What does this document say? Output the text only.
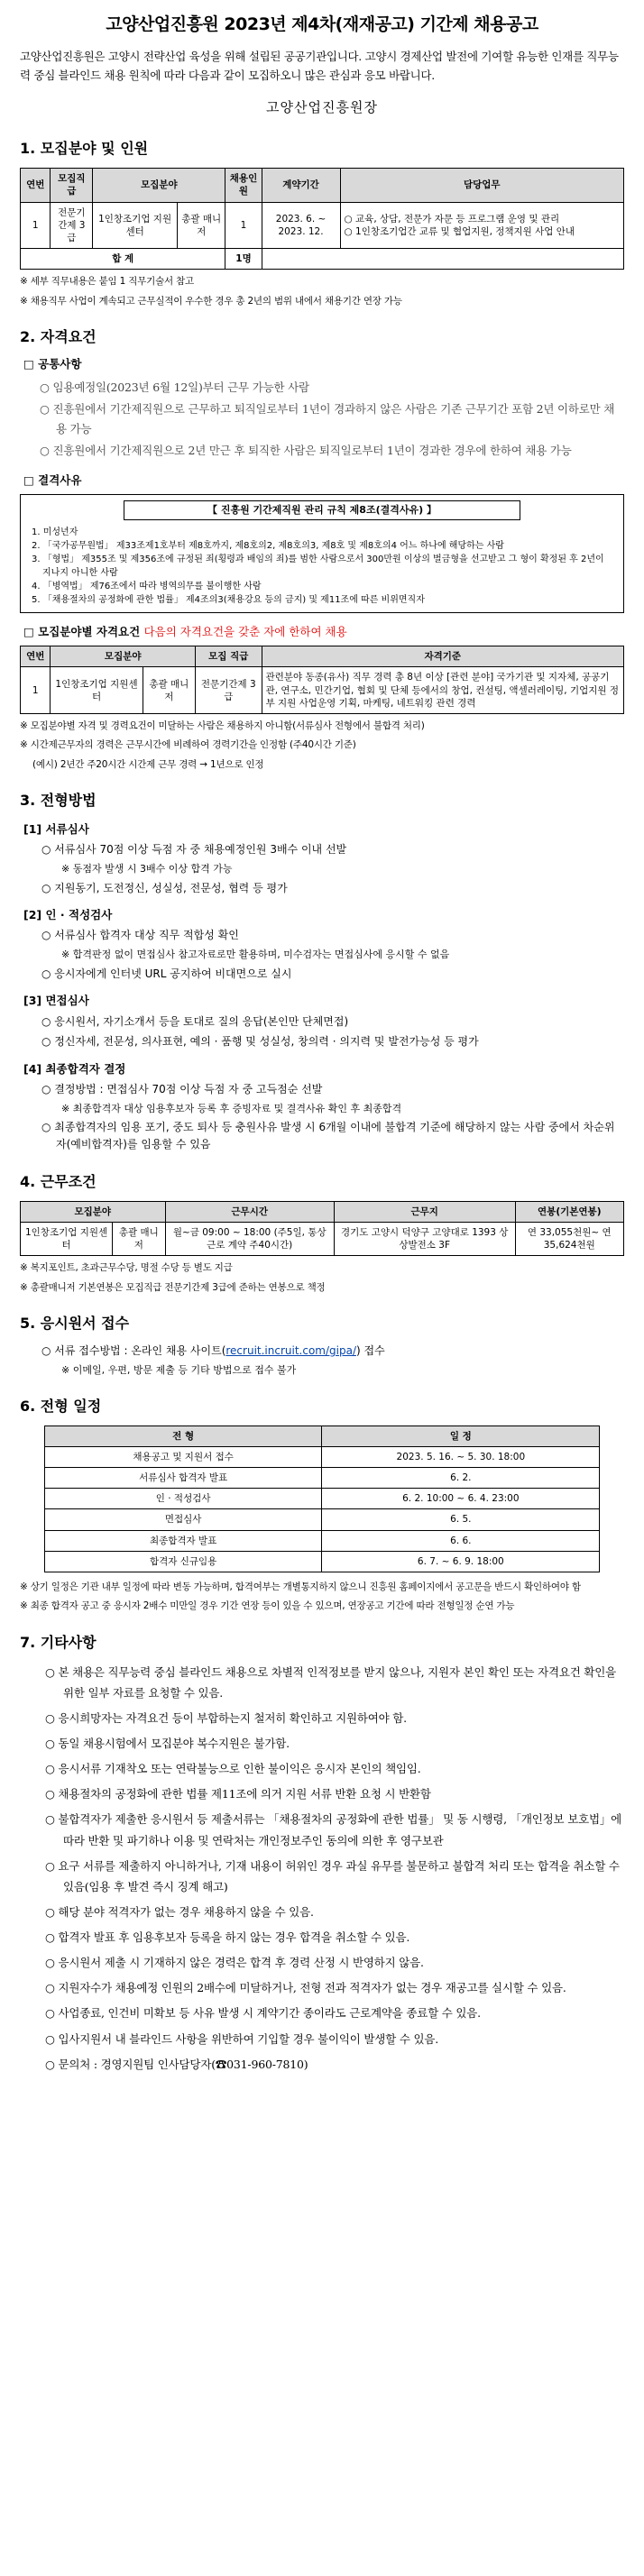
고양산업진흥원 2023년 제4차(재재공고) 기간제 채용공고
고양산업진흥원은 고양시 전략산업 육성을 위해 설립된 공공기관입니다. 고양시 경제산업 발전에 기여할 유능한 인재를 직무능력 중심 블라인드 채용 원칙에 따라 다음과 같이 모집하오니 많은 관심과 응모 바랍니다.
고양산업진흥원장
1. 모집분야 및 인원
연번	모집직급	모집분야		채용인원	계약기간	담당업무
1	전문기간제 3급	1인창조기업 지원센터	총괄 매니저	1	2023. 6. ~ 2023. 12.	○ 교육, 상담, 전문가 자문 등 프로그램 운영 및 관리
○ 1인창조기업간 교류 및 협업지원, 정책지원 사업 안내

합 계				1명		
※ 세부 직무내용은 붙임 1 직무기술서 참고
※ 채용직무 사업이 계속되고 근무실적이 우수한 경우 총 2년의 범위 내에서 채용기간 연장 가능
2. 자격요건
□ 공통사항
○ 임용예정일(2023년 6월 12일)부터 근무 가능한 사람
○ 진흥원에서 기간제직원으로 근무하고 퇴직일로부터 1년이 경과하지 않은 사람은 기존 근무기간 포함 2년 이하로만 채용 가능
○ 진흥원에서 기간제직원으로 2년 만근 후 퇴직한 사람은 퇴직일로부터 1년이 경과한 경우에 한하여 채용 가능
□ 결격사유
【 진흥원 기간제직원 관리 규칙 제8조(결격사유) 】
1. 미성년자
2. 「국가공무원법」 제33조제1호부터 제8호까지, 제8호의2, 제8호의3, 제8호 및 제8호의4 어느 하나에 해당하는 사람
3. 「형법」 제355조 및 제356조에 규정된 죄(횡령과 배임의 죄)를 범한 사람으로서 300만원 이상의 벌금형을 선고받고 그 형이 확정된 후 2년이 지나지 아니한 사람
4. 「병역법」 제76조에서 따라 병역의무를 불이행한 사람
5. 「채용절차의 공정화에 관한 법률」 제4조의3(채용강요 등의 금지) 및 제11조에 따른 비위면직자
□ 모집분야별 자격요건 다음의 자격요건을 갖춘 자에 한하여 채용
연번	모집분야		모집 직급	자격기준
1	1인창조기업 지원센터	총괄 매니저	전문기간제 3급	관련분야 동종(유사) 직무 경력 총 8년 이상 [관련 분야] 국가기관 및 지자체, 공공기관, 연구소, 민간기업, 협회 및 단체 등에서의 창업, 컨설팅, 액셀러레이팅, 기업지원 정부 지원 사업운영 기획, 마케팅, 네트워킹 관련 경력
※ 모집분야별 자격 및 경력요건이 미달하는 사람은 채용하지 아니함(서류심사 전형에서 불합격 처리)
※ 시간제근무자의 경력은 근무시간에 비례하여 경력기간을 인정함 (주40시간 기준)
(예시) 2년간 주20시간 시간제 근무 경력 → 1년으로 인정
3. 전형방법
[1] 서류심사
○ 서류심사 70점 이상 득점 자 중 채용예정인원 3배수 이내 선발
※ 동점자 발생 시 3배수 이상 합격 가능
○ 지원동기, 도전정신, 성실성, 전문성, 협력 등 평가
[2] 인 · 적성검사
○ 서류심사 합격자 대상 직무 적합성 확인
※ 합격판정 없이 면접심사 참고자료로만 활용하며, 미수검자는 면접심사에 응시할 수 없음
○ 응시자에게 인터넷 URL 공지하여 비대면으로 실시
[3] 면접심사
○ 응시원서, 자기소개서 등을 토대로 질의 응답(본인만 단체면접)
○ 정신자세, 전문성, 의사표현, 예의 · 품행 및 성실성, 창의력 · 의지력 및 발전가능성 등 평가
[4] 최종합격자 결정
○ 결정방법 : 면접심사 70점 이상 득점 자 중 고득점순 선발
※ 최종합격자 대상 임용후보자 등록 후 증빙자료 및 결격사유 확인 후 최종합격
○ 최종합격자의 임용 포기, 중도 퇴사 등 충원사유 발생 시 6개월 이내에 불합격 기준에 해당하지 않는 사람 중에서 차순위자(예비합격자)를 임용할 수 있음
4. 근무조건
모집분야		근무시간	근무지	연봉(기본연봉)
1인창조기업 지원센터	총괄 매니저	월~금 09:00 ~ 18:00 (주5일, 통상근로 계약 주40시간)	경기도 고양시 덕양구 고양대로 1393 상상발전소 3F	연 33,055천원~ 연 35,624천원
※ 복지포인트, 초과근무수당, 명절 수당 등 별도 지급
※ 총괄매니저 기본연봉은 모집직급 전문기간제 3급에 준하는 연봉으로 책정
5. 응시원서 접수
○ 서류 접수방법 : 온라인 채용 사이트(recruit.incruit.com/gipa/) 접수
※ 이메일, 우편, 방문 제출 등 기타 방법으로 접수 불가
6. 전형 일정
전 형	일 정
채용공고 및 지원서 접수	2023. 5. 16. ~ 5. 30. 18:00
서류심사 합격자 발표	6. 2.
인 · 적성검사	6. 2. 10:00 ~ 6. 4. 23:00
면접심사	6. 5.
최종합격자 발표	6. 6.
합격자 신규임용	6. 7. ~ 6. 9. 18:00
※ 상기 일정은 기관 내부 일정에 따라 변동 가능하며, 합격여부는 개별통지하지 않으니 진흥원 홈페이지에서 공고문을 반드시 확인하여야 함
※ 최종 합격자 공고 중 응시자 2배수 미만일 경우 기간 연장 등이 있을 수 있으며, 연장공고 기간에 따라 전형일정 순연 가능
7. 기타사항
○ 본 채용은 직무능력 중심 블라인드 채용으로 차별적 인적정보를 받지 않으나, 지원자 본인 확인 또는 자격요건 확인을 위한 일부 자료를 요청할 수 있음.
○ 응시희망자는 자격요건 등이 부합하는지 철저히 확인하고 지원하여야 함.
○ 동일 채용시험에서 모집분야 복수지원은 불가함.
○ 응시서류 기재착오 또는 연락불능으로 인한 불이익은 응시자 본인의 책임임.
○ 채용절차의 공정화에 관한 법률 제11조에 의거 지원 서류 반환 요청 시 반환함
○ 불합격자가 제출한 응시원서 등 제출서류는 「채용절차의 공정화에 관한 법률」 및 동 시행령, 「개인정보 보호법」에 따라 반환 및 파기하나 이용 및 연락처는 개인정보주인 동의에 의한 후 영구보관
○ 요구 서류를 제출하지 아니하거나, 기재 내용이 허위인 경우 과실 유무를 불문하고 불합격 처리 또는 합격을 취소할 수 있음(임용 후 발견 즉시 징계 해고)
○ 해당 분야 적격자가 없는 경우 채용하지 않을 수 있음.
○ 합격자 발표 후 임용후보자 등록을 하지 않는 경우 합격을 취소할 수 있음.
○ 응시원서 제출 시 기재하지 않은 경력은 합격 후 경력 산정 시 반영하지 않음.
○ 지원자수가 채용예정 인원의 2배수에 미달하거나, 전형 전과 적격자가 없는 경우 재공고를 실시할 수 있음.
○ 사업종료, 인건비 미확보 등 사유 발생 시 계약기간 종이라도 근로계약을 종료할 수 있음.
○ 입사지원서 내 블라인드 사항을 위반하여 기입할 경우 불이익이 발생할 수 있음.
○ 문의처 : 경영지원팀 인사담당자(☎031-960-7810)
